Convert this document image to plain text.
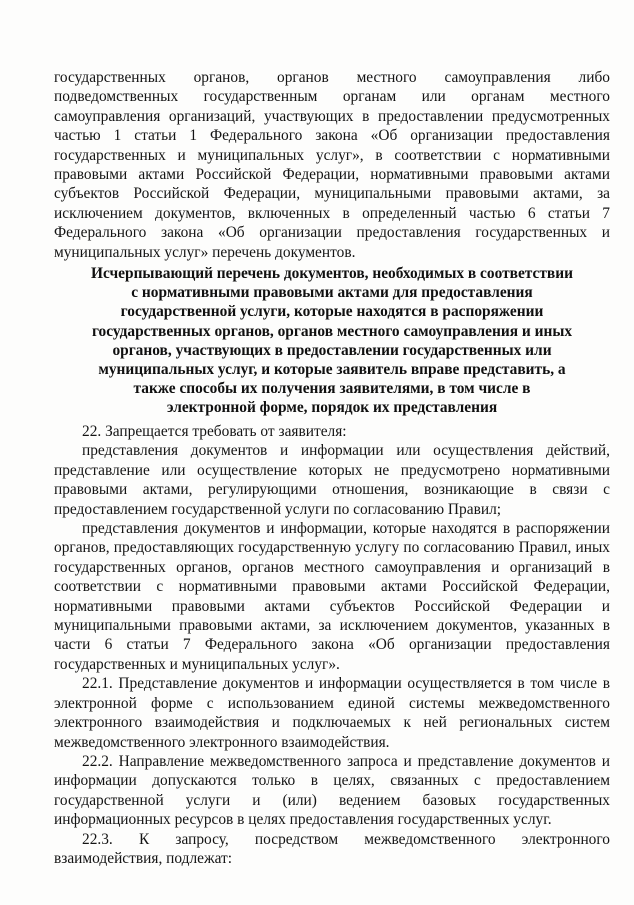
государственных органов, органов местного самоуправления либо подведомственных государственным органам или органам местного самоуправления организаций, участвующих в предоставлении предусмотренных частью 1 статьи 1 Федерального закона «Об организации предоставления государственных и муниципальных услуг», в соответствии с нормативными правовыми актами Российской Федерации, нормативными правовыми актами субъектов Российской Федерации, муниципальными правовыми актами, за исключением документов, включенных в определенный частью 6 статьи 7 Федерального закона «Об организации предоставления государственных и муниципальных услуг» перечень документов.

Исчерпывающий перечень документов, необходимых в соответствии с нормативными правовыми актами для предоставления государственной услуги, которые находятся в распоряжении государственных органов, органов местного самоуправления и иных органов, участвующих в предоставлении государственных или муниципальных услуг, и которые заявитель вправе представить, а также способы их получения заявителями, в том числе в электронной форме, порядок их представления

22. Запрещается требовать от заявителя:

представления документов и информации или осуществления действий, представление или осуществление которых не предусмотрено нормативными правовыми актами, регулирующими отношения, возникающие в связи с предоставлением государственной услуги по согласованию Правил;

представления документов и информации, которые находятся в распоряжении органов, предоставляющих государственную услугу по согласованию Правил, иных государственных органов, органов местного самоуправления и организаций в соответствии с нормативными правовыми актами Российской Федерации, нормативными правовыми актами субъектов Российской Федерации и муниципальными правовыми актами, за исключением документов, указанных в части 6 статьи 7 Федерального закона «Об организации предоставления государственных и муниципальных услуг».

22.1. Представление документов и информации осуществляется в том числе в электронной форме с использованием единой системы межведомственного электронного взаимодействия и подключаемых к ней региональных систем межведомственного электронного взаимодействия.

22.2. Направление межведомственного запроса и представление документов и информации допускаются только в целях, связанных с предоставлением государственной услуги и (или) ведением базовых государственных информационных ресурсов в целях предоставления государственных услуг.

22.3. К запросу, посредством межведомственного электронного взаимодействия, подлежат:
